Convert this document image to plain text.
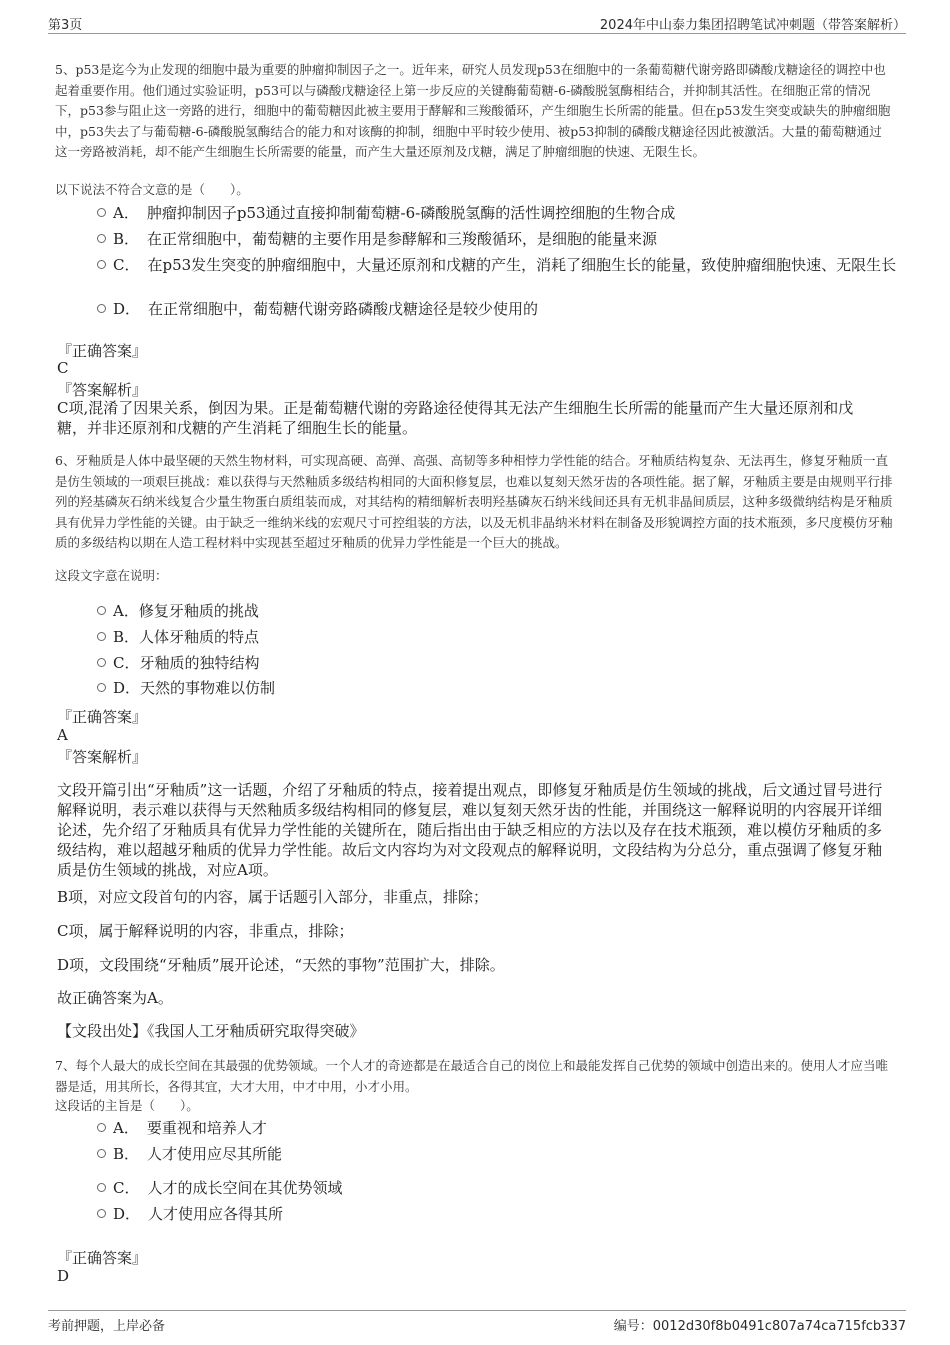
第3页	2024年中山泰力集团招聘笔试冲刺题（带答案解析）
5、p53是迄今为止发现的细胞中最为重要的肿瘤抑制因子之一。近年来，研究人员发现p53在细胞中的一条葡萄糖代谢旁路即磷酸戊糖途径的调控中也起着重要作用。他们通过实验证明，p53可以与磷酸戊糖途径上第一步反应的关键酶葡萄糖-6-磷酸脱氢酶相结合，并抑制其活性。在细胞正常的情况下，p53参与阻止这一旁路的进行，细胞中的葡萄糖因此被主要用于酵解和三羧酸循环，产生细胞生长所需的能量。但在p53发生突变或缺失的肿瘤细胞中，p53失去了与葡萄糖-6-磷酸脱氢酶结合的能力和对该酶的抑制，细胞中平时较少使用、被p53抑制的磷酸戊糖途径因此被激活。大量的葡萄糖通过这一旁路被消耗，却不能产生细胞生长所需要的能量，而产生大量还原剂及戊糖，满足了肿瘤细胞的快速、无限生长。
以下说法不符合文意的是（　　）。
A． 肿瘤抑制因子p53通过直接抑制葡萄糖-6-磷酸脱氢酶的活性调控细胞的生物合成
B． 在正常细胞中，葡萄糖的主要作用是参酵解和三羧酸循环，是细胞的能量来源
C． 在p53发生突变的肿瘤细胞中，大量还原剂和戊糖的产生，消耗了细胞生长的能量，致使肿瘤细胞快速、无限生长
D． 在正常细胞中，葡萄糖代谢旁路磷酸戊糖途径是较少使用的
『正确答案』
C
『答案解析』
C项,混淆了因果关系，倒因为果。正是葡萄糖代谢的旁路途径使得其无法产生细胞生长所需的能量而产生大量还原剂和戊糖，并非还原剂和戊糖的产生消耗了细胞生长的能量。
6、牙釉质是人体中最坚硬的天然生物材料，可实现高硬、高弹、高强、高韧等多种相悖力学性能的结合。牙釉质结构复杂、无法再生，修复牙釉质一直是仿生领域的一项艰巨挑战：难以获得与天然釉质多级结构相同的大面积修复层，也难以复刻天然牙齿的各项性能。据了解，牙釉质主要是由规则平行排列的羟基磷灰石纳米线复合少量生物蛋白质组装而成，对其结构的精细解析表明羟基磷灰石纳米线间还具有无机非晶间质层，这种多级微纳结构是牙釉质具有优异力学性能的关键。由于缺乏一维纳米线的宏观尺寸可控组装的方法，以及无机非晶纳米材料在制备及形貌调控方面的技术瓶颈，多尺度模仿牙釉质的多级结构以期在人造工程材料中实现甚至超过牙釉质的优异力学性能是一个巨大的挑战。
这段文字意在说明：
A．修复牙釉质的挑战
B．人体牙釉质的特点
C．牙釉质的独特结构
D．天然的事物难以仿制
『正确答案』
A
『答案解析』
文段开篇引出“牙釉质”这一话题，介绍了牙釉质的特点，接着提出观点，即修复牙釉质是仿生领域的挑战，后文通过冒号进行解释说明，表示难以获得与天然釉质多级结构相同的修复层，难以复刻天然牙齿的性能，并围绕这一解释说明的内容展开详细论述，先介绍了牙釉质具有优异力学性能的关键所在，随后指出由于缺乏相应的方法以及存在技术瓶颈，难以模仿牙釉质的多级结构，难以超越牙釉质的优异力学性能。故后文内容均为对文段观点的解释说明，文段结构为分总分，重点强调了修复牙釉质是仿生领域的挑战，对应A项。
B项，对应文段首句的内容，属于话题引入部分，非重点，排除；
C项，属于解释说明的内容，非重点，排除；
D项，文段围绕“牙釉质”展开论述，“天然的事物”范围扩大，排除。
故正确答案为A。
【文段出处】《我国人工牙釉质研究取得突破》
7、每个人最大的成长空间在其最强的优势领域。一个人才的奇迹都是在最适合自己的岗位上和最能发挥自己优势的领域中创造出来的。使用人才应当唯器是适，用其所长，各得其宜，大才大用，中才中用，小才小用。
这段话的主旨是（　　）。
A． 要重视和培养人才
B． 人才使用应尽其所能
C． 人才的成长空间在其优势领域
D． 人才使用应各得其所
『正确答案』
D
考前押题，上岸必备	编号：0012d30f8b0491c807a74ca715fcb337
